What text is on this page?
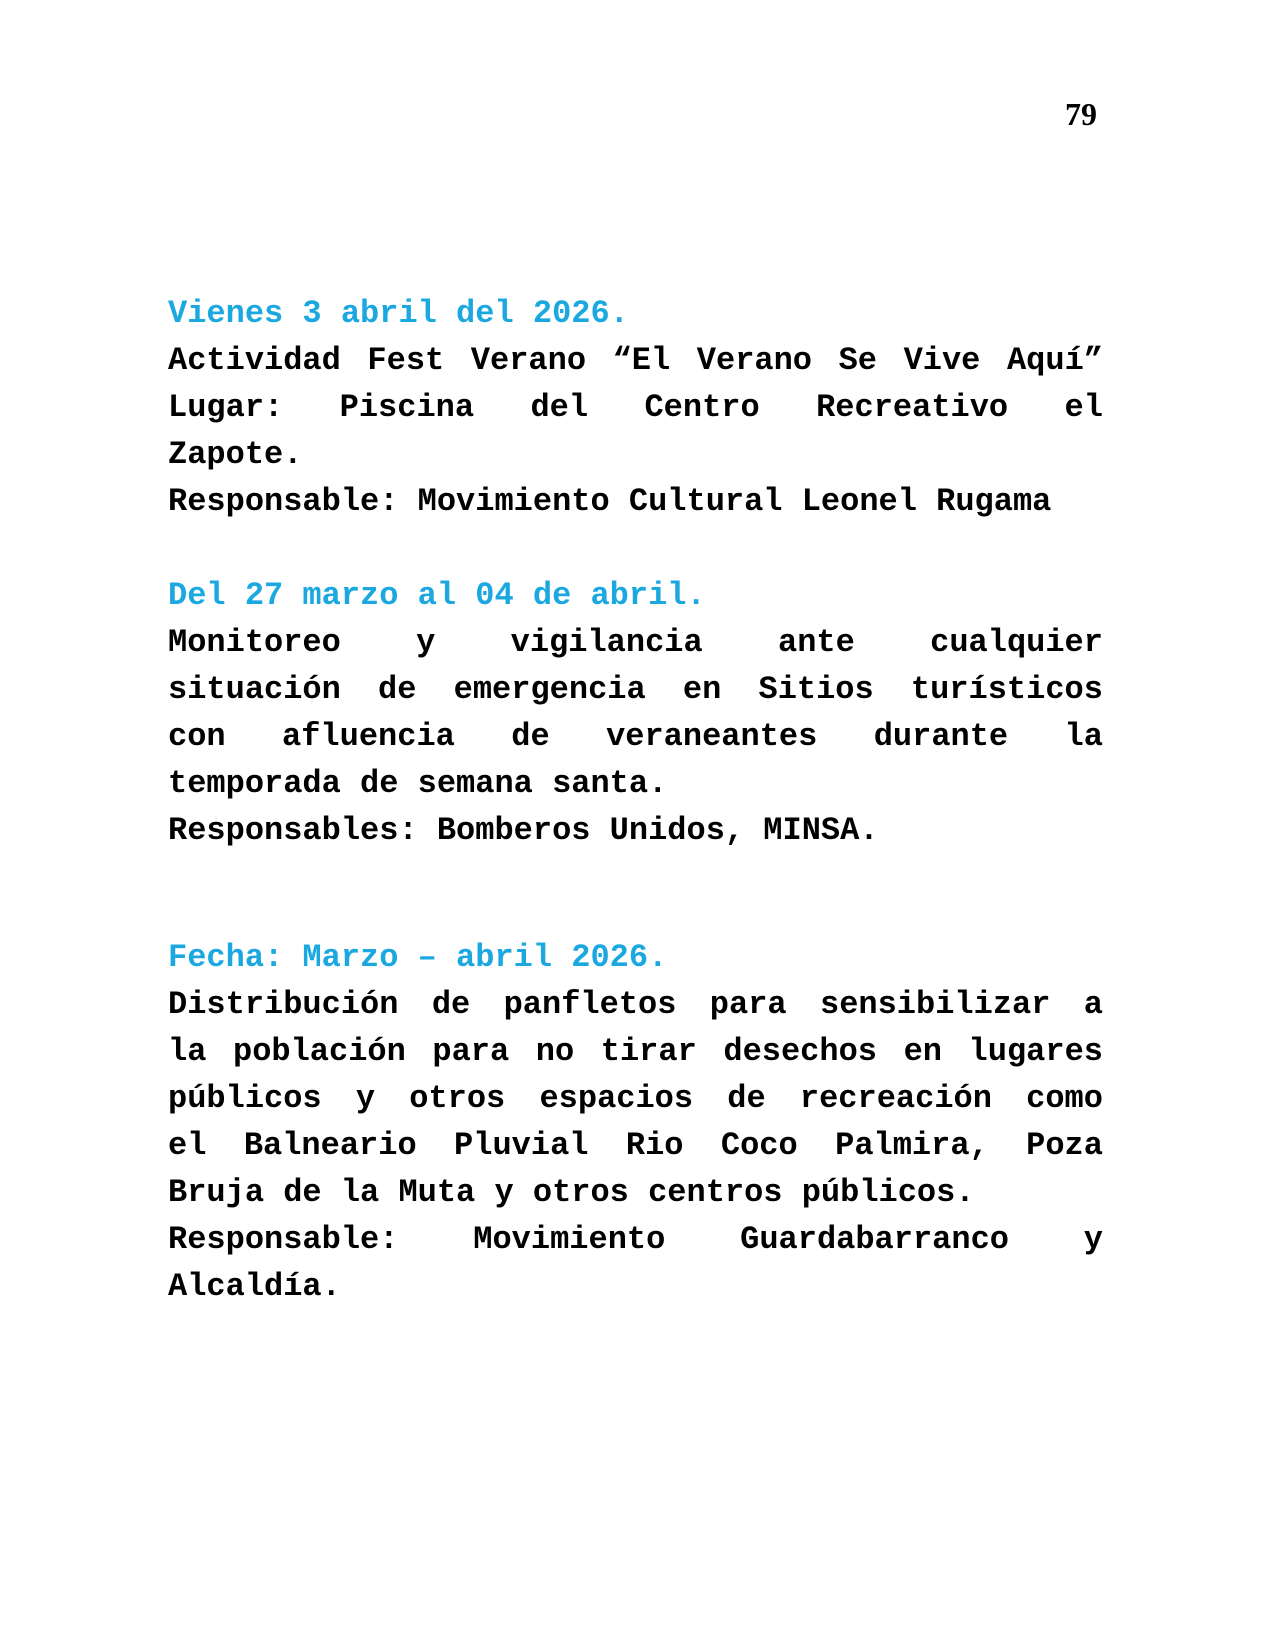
79
Vienes 3 abril del 2026.
Actividad Fest Verano “El Verano Se Vive Aquí”
Lugar: Piscina del Centro Recreativo el
Zapote.
Responsable: Movimiento Cultural Leonel Rugama
Del 27 marzo al 04 de abril.
Monitoreo y vigilancia ante cualquier
situación de emergencia en Sitios turísticos
con afluencia de veraneantes durante la
temporada de semana santa.
Responsables: Bomberos Unidos, MINSA.
Fecha: Marzo – abril 2026.
Distribución de panfletos para sensibilizar a
la población para no tirar desechos en lugares
públicos y otros espacios de recreación como
el Balneario Pluvial Rio Coco Palmira, Poza
Bruja de la Muta y otros centros públicos.
Responsable: Movimiento Guardabarranco y
Alcaldía.
